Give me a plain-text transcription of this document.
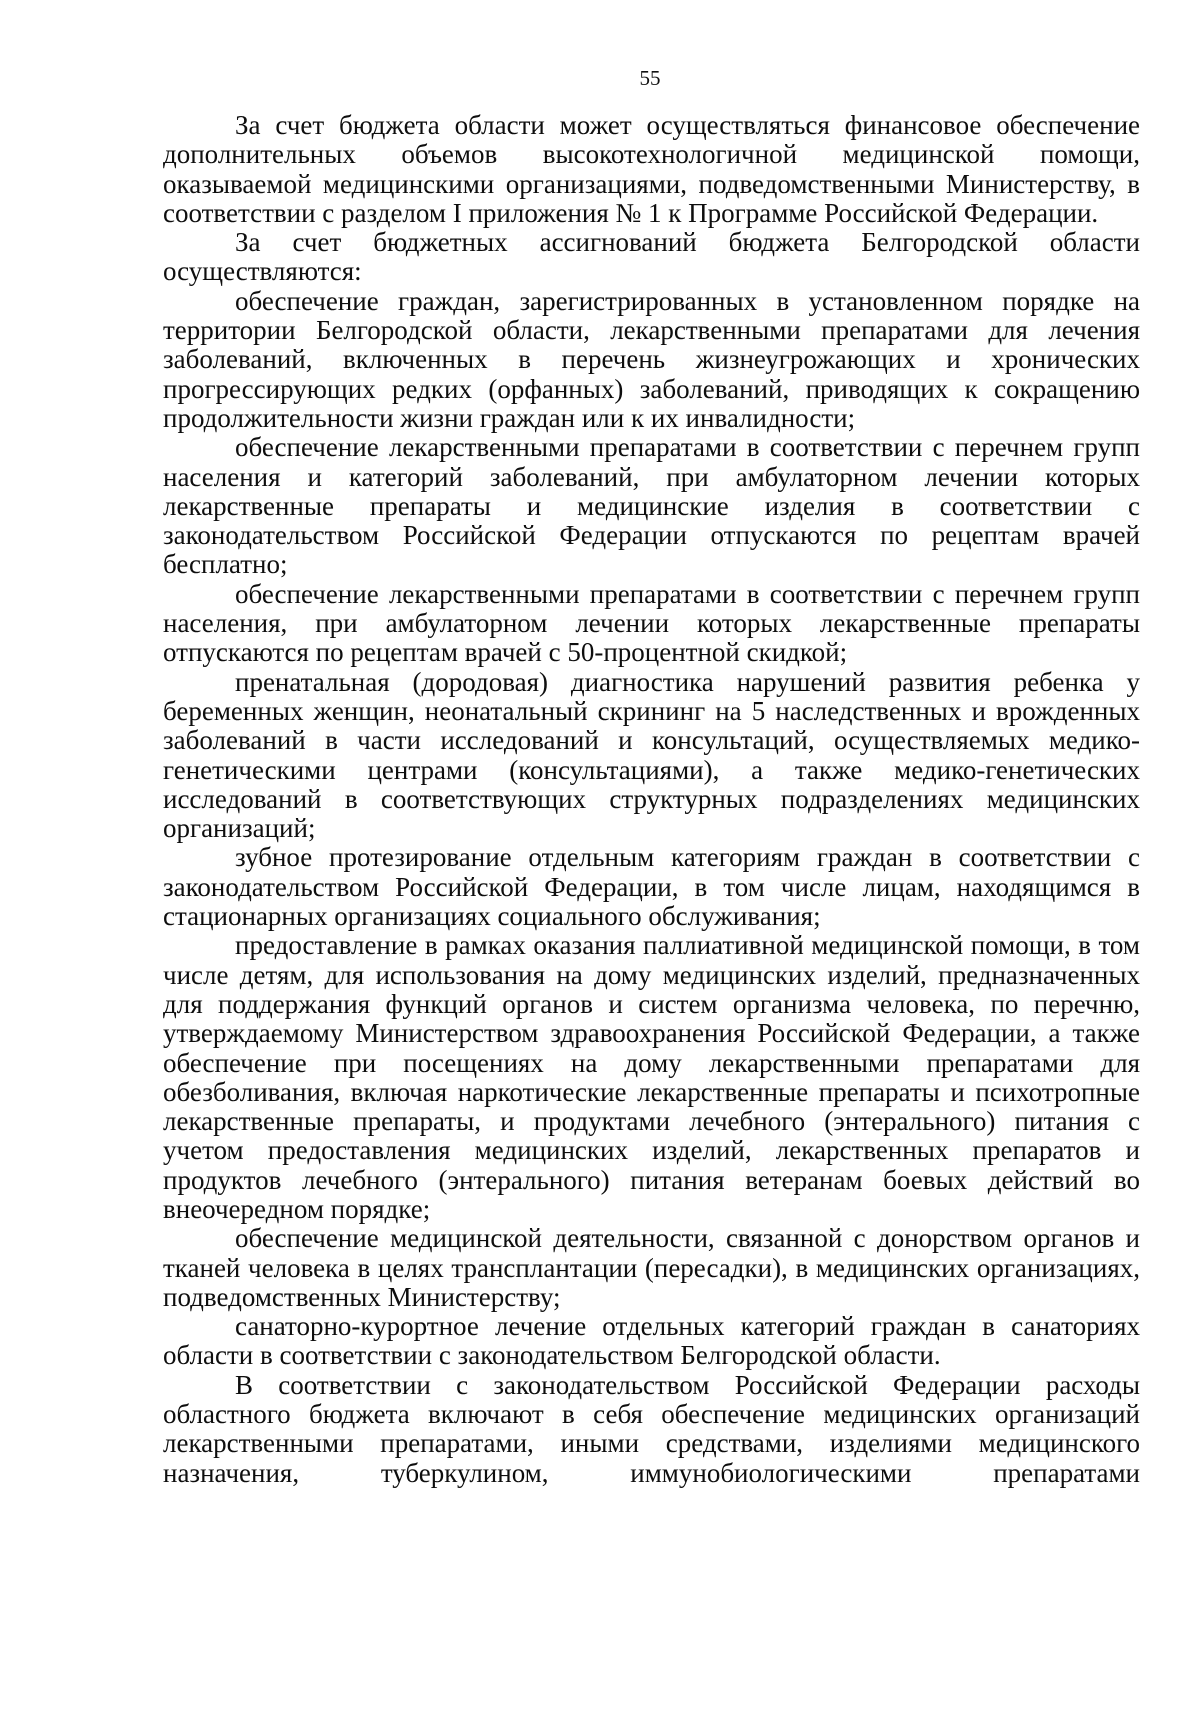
55

За счет бюджета области может осуществляться финансовое обеспечение дополнительных объемов высокотехнологичной медицинской помощи, оказываемой медицинскими организациями, подведомственными Министерству, в соответствии с разделом I приложения № 1 к Программе Российской Федерации.

За счет бюджетных ассигнований бюджета Белгородской области осуществляются:

обеспечение граждан, зарегистрированных в установленном порядке на территории Белгородской области, лекарственными препаратами для лечения заболеваний, включенных в перечень жизнеугрожающих и хронических прогрессирующих редких (орфанных) заболеваний, приводящих к сокращению продолжительности жизни граждан или к их инвалидности;

обеспечение лекарственными препаратами в соответствии с перечнем групп населения и категорий заболеваний, при амбулаторном лечении которых лекарственные препараты и медицинские изделия в соответствии с законодательством Российской Федерации отпускаются по рецептам врачей бесплатно;

обеспечение лекарственными препаратами в соответствии с перечнем групп населения, при амбулаторном лечении которых лекарственные препараты отпускаются по рецептам врачей с 50-процентной скидкой;

пренатальная (дородовая) диагностика нарушений развития ребенка у беременных женщин, неонатальный скрининг на 5 наследственных и врожденных заболеваний в части исследований и консультаций, осуществляемых медико-генетическими центрами (консультациями), а также медико-генетических исследований в соответствующих структурных подразделениях медицинских организаций;

зубное протезирование отдельным категориям граждан в соответствии с законодательством Российской Федерации, в том числе лицам, находящимся в стационарных организациях социального обслуживания;

предоставление в рамках оказания паллиативной медицинской помощи, в том числе детям, для использования на дому медицинских изделий, предназначенных для поддержания функций органов и систем организма человека, по перечню, утверждаемому Министерством здравоохранения Российской Федерации, а также обеспечение при посещениях на дому лекарственными препаратами для обезболивания, включая наркотические лекарственные препараты и психотропные лекарственные препараты, и продуктами лечебного (энтерального) питания с учетом предоставления медицинских изделий, лекарственных препаратов и продуктов лечебного (энтерального) питания ветеранам боевых действий во внеочередном порядке;

обеспечение медицинской деятельности, связанной с донорством органов и тканей человека в целях трансплантации (пересадки), в медицинских организациях, подведомственных Министерству;

санаторно-курортное лечение отдельных категорий граждан в санаториях области в соответствии с законодательством Белгородской области.

В соответствии с законодательством Российской Федерации расходы областного бюджета включают в себя обеспечение медицинских организаций лекарственными препаратами, иными средствами, изделиями медицинского назначения, туберкулином, иммунобиологическими препаратами
